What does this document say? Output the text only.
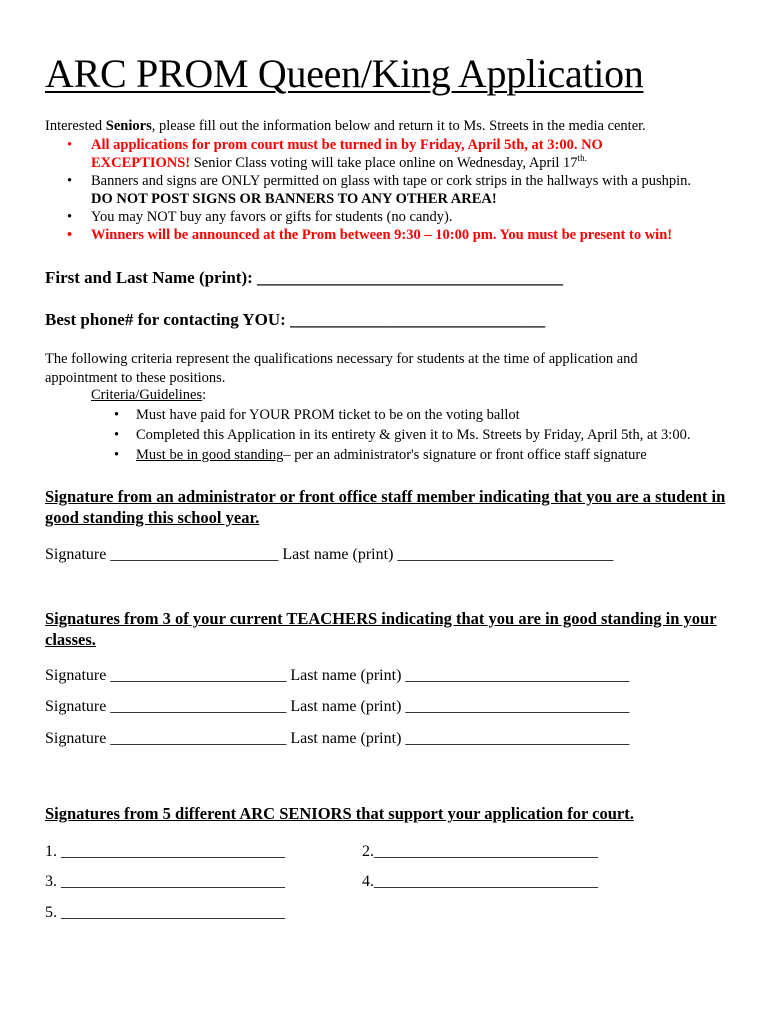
ARC PROM Queen/King Application
Interested Seniors, please fill out the information below and return it to Ms. Streets in the media center.
• All applications for prom court must be turned in by Friday, April 5th, at 3:00. NO
EXCEPTIONS! Senior Class voting will take place online on Wednesday, April $17^{th.}$
• Banners and signs are ONLY permitted on glass with tape or cork strips in the hallways with a pushpin.
DO NOT POST SIGNS OR BANNERS TO ANY OTHER AREA!
• You may NOT buy any favors or gifts for students (no candy).
• Winners will be announced at the Prom between 9:30 – 10:00 pm. You must be present to win!
First and Last Name (print): ____________________________________
Best phone# for contacting YOU: ______________________________
The following criteria represent the qualifications necessary for students at the time of application and appointment to these positions.
Criteria/Guidelines:
• Must have paid for YOUR PROM ticket to be on the voting ballot
• Completed this Application in its entirety & given it to Ms. Streets by Friday, April 5th, at 3:00.
• Must be in good standing– per an administrator's signature or front office staff signature
Signature from an administrator or front office staff member indicating that you are a student in good standing this school year.
Signature _____________________ Last name (print) ___________________________
Signatures from 3 of your current TEACHERS indicating that you are in good standing in your classes.
Signature ______________________ Last name (print) ____________________________
Signature ______________________ Last name (print) ____________________________
Signature ______________________ Last name (print) ____________________________
Signatures from 5 different ARC SENIORS that support your application for court.
1. ____________________________	2.____________________________
3. ____________________________	4.____________________________
5. ____________________________
